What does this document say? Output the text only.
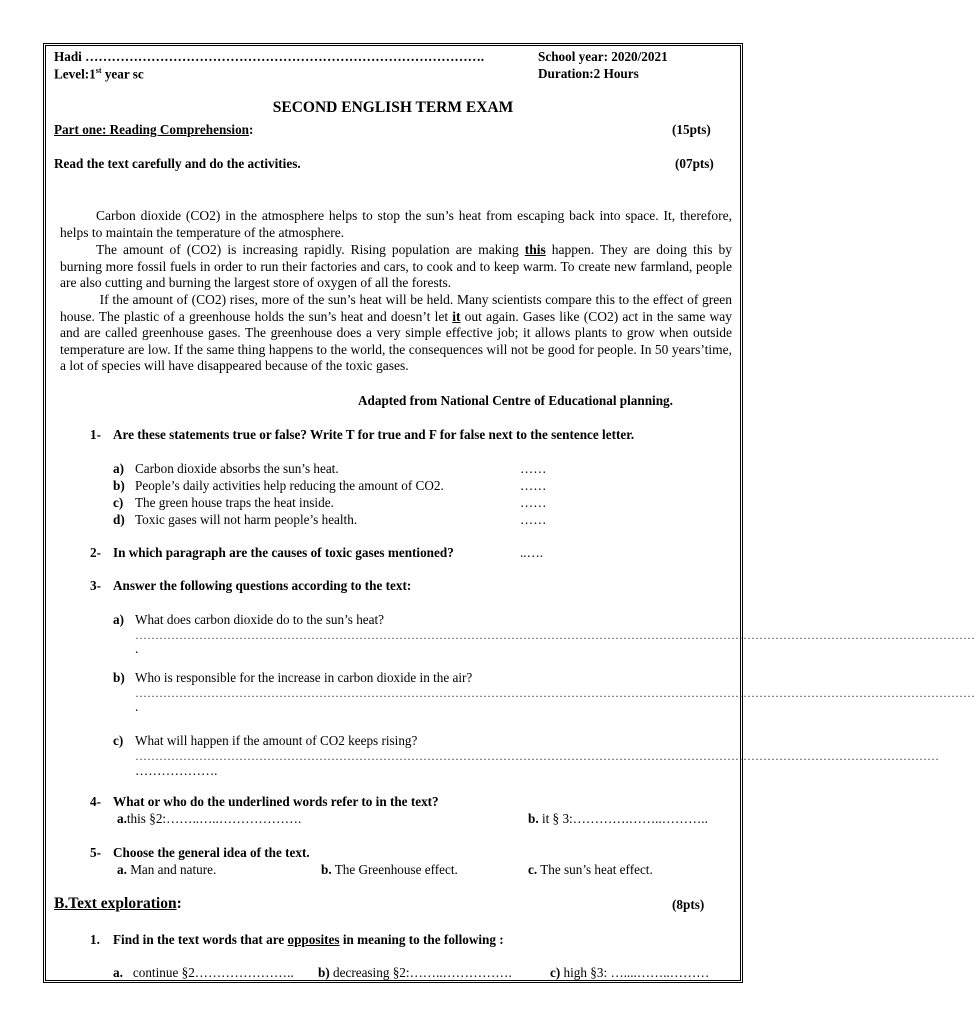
Hadi ……………………………………………………………………………….	School year: 2020/2021
Level:1st year sc	Duration:2 Hours
SECOND ENGLISH TERM EXAM
Part one: Reading Comprehension:	(15pts)
Read the text carefully and do the activities.	(07pts)
Carbon dioxide (CO2) in the atmosphere helps to stop the sun’s heat from escaping back into space. It, therefore, helps to maintain the temperature of the atmosphere.
The amount of (CO2) is increasing rapidly. Rising population are making this happen. They are doing this by burning more fossil fuels in order to run their factories and cars, to cook and to keep warm. To create new farmland, people are also cutting and burning the largest store of oxygen of all the forests.
If the amount of (CO2) rises, more of the sun’s heat will be held. Many scientists compare this to the effect of green house. The plastic of a greenhouse holds the sun’s heat and doesn’t let it out again. Gases like (CO2) act in the same way and are called greenhouse gases. The greenhouse does a very simple effective job; it allows plants to grow when outside temperature are low. If the same thing happens to the world, the consequences will not be good for people. In 50 years’time, a lot of species will have disappeared because of the toxic gases.
Adapted from National Centre of Educational planning.
1- Are these statements true or false? Write T for true and F for false next to the sentence letter.
a) Carbon dioxide absorbs the sun’s heat.	……
b) People’s daily activities help reducing the amount of CO2.	……
c) The green house traps the heat inside.	……
d) Toxic gases will not harm people’s health.	……
2- In which paragraph are the causes of toxic gases mentioned?	..….
3- Answer the following questions according to the text:
a) What does carbon dioxide do to the sun’s heat?
…………………………………………………………………………………………………………………………………………………………………………………………
.
b) Who is responsible for the increase in carbon dioxide in the air?
…………………………………………………………………………………………………………………………………………………………………………………………
.
c) What will happen if the amount of CO2 keeps rising?
…………………………………………………………………………………………………………………………………………………………………………………
……………….
4- What or who do the underlined words refer to in the text?
a.this §2:……..…..……………….	b. it § 3:………….……..………..
5- Choose the general idea of the text.
a. Man and nature.	b. The Greenhouse effect.	c. The sun’s heat effect.
B.Text exploration:	(8pts)
1. Find in the text words that are opposites in meaning to the following :
a. continue §2………………….. b) decreasing §2:……..…………….	c) high §3: …....……..………
